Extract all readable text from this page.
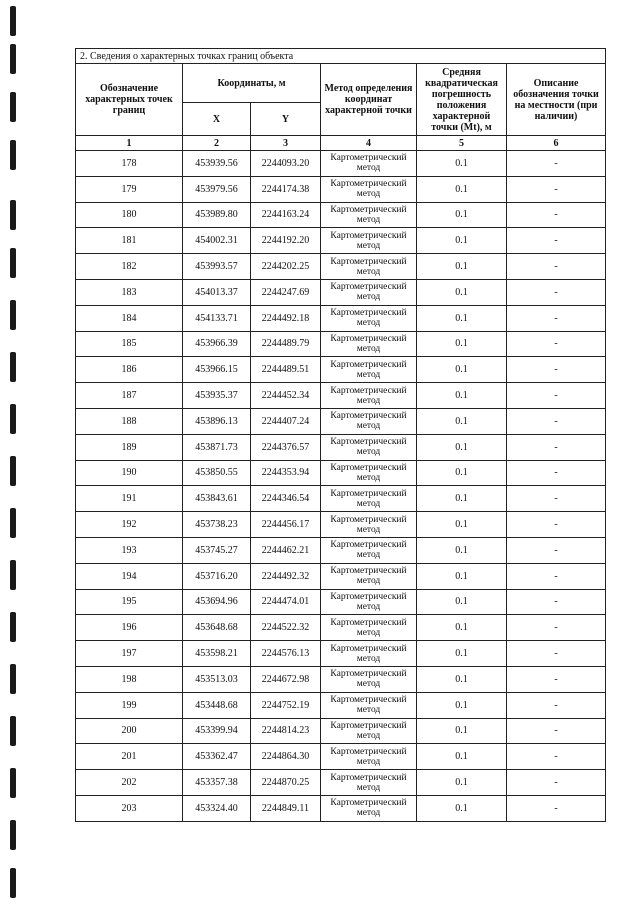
2. Сведения о характерных точках границ объекта					
Обозначение характерных точек границ	Координаты, м		Метод определения координат характерной точки	Средняя квадратическая погрешность положения характерной точки (Mt), м	Описание обозначения точки на местности (при наличии)
	X	Y			
1	2	3	4	5	6
178	453939.56	2244093.20	Картометрический метод	0.1	-
179	453979.56	2244174.38	Картометрический метод	0.1	-
180	453989.80	2244163.24	Картометрический метод	0.1	-
181	454002.31	2244192.20	Картометрический метод	0.1	-
182	453993.57	2244202.25	Картометрический метод	0.1	-
183	454013.37	2244247.69	Картометрический метод	0.1	-
184	454133.71	2244492.18	Картометрический метод	0.1	-
185	453966.39	2244489.79	Картометрический метод	0.1	-
186	453966.15	2244489.51	Картометрический метод	0.1	-
187	453935.37	2244452.34	Картометрический метод	0.1	-
188	453896.13	2244407.24	Картометрический метод	0.1	-
189	453871.73	2244376.57	Картометрический метод	0.1	-
190	453850.55	2244353.94	Картометрический метод	0.1	-
191	453843.61	2244346.54	Картометрический метод	0.1	-
192	453738.23	2244456.17	Картометрический метод	0.1	-
193	453745.27	2244462.21	Картометрический метод	0.1	-
194	453716.20	2244492.32	Картометрический метод	0.1	-
195	453694.96	2244474.01	Картометрический метод	0.1	-
196	453648.68	2244522.32	Картометрический метод	0.1	-
197	453598.21	2244576.13	Картометрический метод	0.1	-
198	453513.03	2244672.98	Картометрический метод	0.1	-
199	453448.68	2244752.19	Картометрический метод	0.1	-
200	453399.94	2244814.23	Картометрический метод	0.1	-
201	453362.47	2244864.30	Картометрический метод	0.1	-
202	453357.38	2244870.25	Картометрический метод	0.1	-
203	453324.40	2244849.11	Картометрический метод	0.1	-
